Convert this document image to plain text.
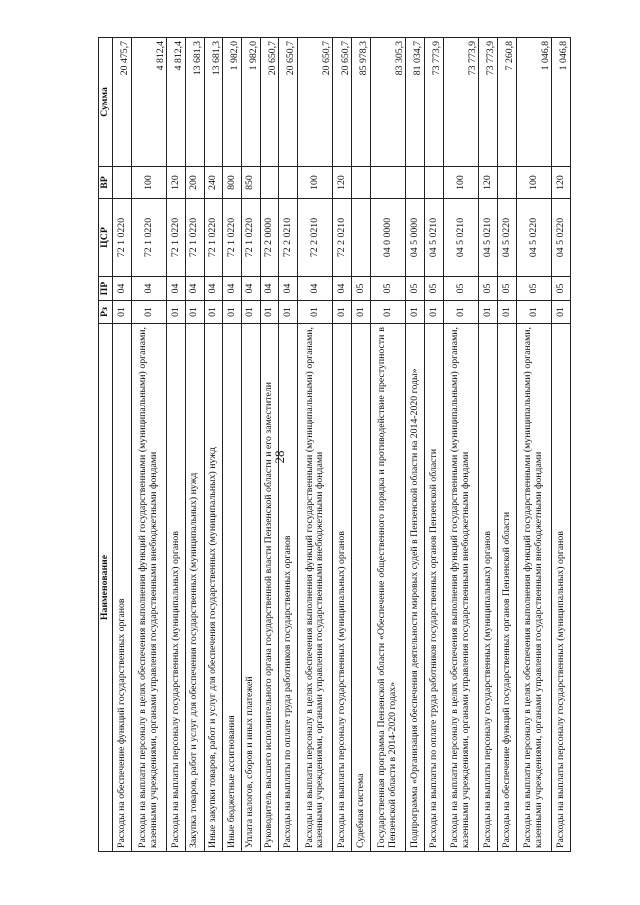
28
Наименование	Рз	ПР	ЦСР	ВР	Сумма
Расходы на обеспечение функций государственных органов	01	04	72 1 0220		20 475,7
Расходы на выплаты персоналу в целях обеспечения выполнения функций государственными (муниципальными) органами, казенными учреждениями, органами управления государственными внебюджетными фондами	01	04	72 1 0220	100	4 812,4
Расходы на выплаты персоналу государственных (муниципальных) органов	01	04	72 1 0220	120	4 812,4
Закупка товаров, работ и услуг для обеспечения государственных (муниципальных) нужд	01	04	72 1 0220	200	13 681,3
Иные закупки товаров, работ и услуг для обеспечения государственных (муниципальных) нужд	01	04	72 1 0220	240	13 681,3
Иные бюджетные ассигнования	01	04	72 1 0220	800	1 982,0
Уплата налогов, сборов и иных платежей	01	04	72 1 0220	850	1 982,0
Руководитель высшего исполнительного органа государственной власти Пензенской области и его заместители	01	04	72 2 0000		20 650,7
Расходы на выплаты по оплате труда работников государственных органов	01	04	72 2 0210		20 650,7
Расходы на выплаты персоналу в целях обеспечения выполнения функций государственными (муниципальными) органами, казенными учреждениями, органами управления государственными внебюджетными фондами	01	04	72 2 0210	100	20 650,7
Расходы на выплаты персоналу государственных (муниципальных) органов	01	04	72 2 0210	120	20 650,7
Судебная система	01	05			85 978,3
Государственная программа Пензенской области «Обеспечение общественного порядка и противодействие преступности в Пензенской области в 2014-2020 годах»	01	05	04 0 0000		83 305,3
Подпрограмма «Организация обеспечения деятельности мировых судей в Пензенской области на 2014-2020 годы»	01	05	04 5 0000		81 034,7
Расходы на выплаты по оплате труда работников государственных органов Пензенской области	01	05	04 5 0210		73 773,9
Расходы на выплаты персоналу в целях обеспечения выполнения функций государственными (муниципальными) органами, казенными учреждениями, органами управления государственными внебюджетными фондами	01	05	04 5 0210	100	73 773,9
Расходы на выплаты персоналу государственных (муниципальных) органов	01	05	04 5 0210	120	73 773,9
Расходы на обеспечение функций государственных органов Пензенской области	01	05	04 5 0220		7 260,8
Расходы на выплаты персоналу в целях обеспечения выполнения функций государственными (муниципальными) органами, казенными учреждениями, органами управления государственными внебюджетными фондами	01	05	04 5 0220	100	1 046,8
Расходы на выплаты персоналу государственных (муниципальных) органов	01	05	04 5 0220	120	1 046,8
